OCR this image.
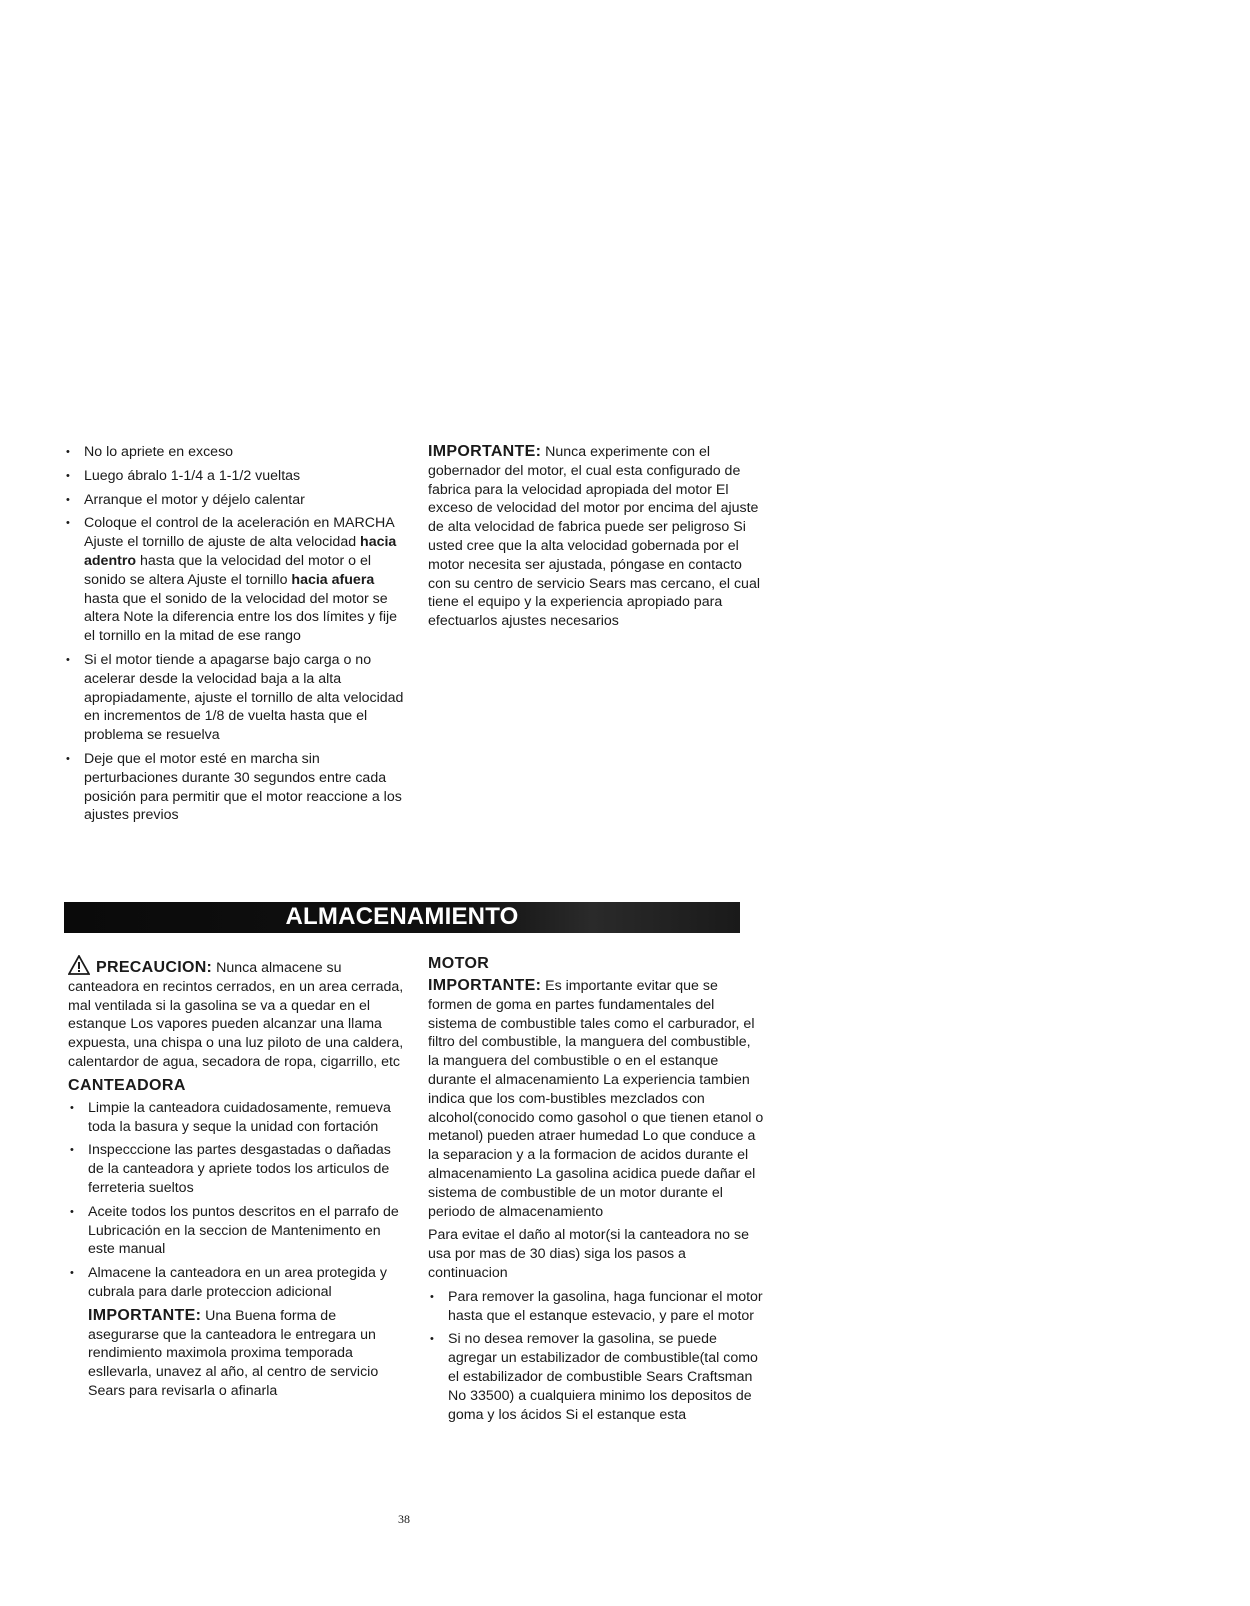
• No lo apriete en exceso
• Luego ábralo 1-1/4 a 1-1/2 vueltas
• Arranque el motor y déjelo calentar
• Coloque el control de la aceleración en MARCHA Ajuste el tornillo de ajuste de alta velocidad hacia adentro hasta que la velocidad del motor o el sonido se altera Ajuste el tornillo hacia afuera hasta que el sonido de la velocidad del motor se altera Note la diferencia entre los dos límites y fije el tornillo en la mitad de ese rango
• Si el motor tiende a apagarse bajo carga o no acelerar desde la velocidad baja a la alta apropiadamente, ajuste el tornillo de alta velocidad en incrementos de 1/8 de vuelta hasta que el problema se resuelva
• Deje que el motor esté en marcha sin perturbaciones durante 30 segundos entre cada posición para permitir que el motor reaccione a los ajustes previos

IMPORTANTE: Nunca experimente con el gobernador del motor, el cual esta configurado de fabrica para la velocidad apropiada del motor El exceso de velocidad del motor por encima del ajuste de alta velocidad de fabrica puede ser peligroso Si usted cree que la alta velocidad gobernada por el motor necesita ser ajustada, póngase en contacto con su centro de servicio Sears mas cercano, el cual tiene el equipo y la experiencia apropiado para efectuarlos ajustes necesarios

ALMACENAMIENTO

PRECAUCION: Nunca almacene su canteadora en recintos cerrados, en un area cerrada, mal ventilada si la gasolina se va a quedar en el estanque Los vapores pueden alcanzar una llama expuesta, una chispa o una luz piloto de una caldera, calentardor de agua, secadora de ropa, cigarrillo, etc

CANTEADORA
• Limpie la canteadora cuidadosamente, remueva toda la basura y seque la unidad con fortación
• Inspecccione las partes desgastadas o dañadas de la canteadora y apriete todos los articulos de ferreteria sueltos
• Aceite todos los puntos descritos en el parrafo de Lubricación en la seccion de Mantenimento en este manual
• Almacene la canteadora en un area protegida y cubrala para darle proteccion adicional

IMPORTANTE: Una Buena forma de asegurarse que la canteadora le entregara un rendimiento maximola proxima temporada esllevarla, unavez al año, al centro de servicio Sears para revisarla o afinarla

MOTOR

IMPORTANTE: Es importante evitar que se formen de goma en partes fundamentales del sistema de combustible tales como el carburador, el filtro del combustible, la manguera del combustible, la manguera del combustible o en el estanque durante el almacenamiento La experiencia tambien indica que los com-bustibles mezclados con alcohol(conocido como gasohol o que tienen etanol o metanol) pueden atraer humedad Lo que conduce a la separacion y a la formacion de acidos durante el almacenamiento La gasolina acidica puede dañar el sistema de combustible de un motor durante el periodo de almacenamiento

Para evitae el daño al motor(si la canteadora no se usa por mas de 30 dias) siga los pasos a continuacion

• Para remover la gasolina, haga funcionar el motor hasta que el estanque estevacio, y pare el motor
• Si no desea remover la gasolina, se puede agregar un estabilizador de combustible(tal como el estabilizador de combustible Sears Craftsman No 33500) a cualquiera minimo los depositos de goma y los ácidos Si el estanque esta
38
